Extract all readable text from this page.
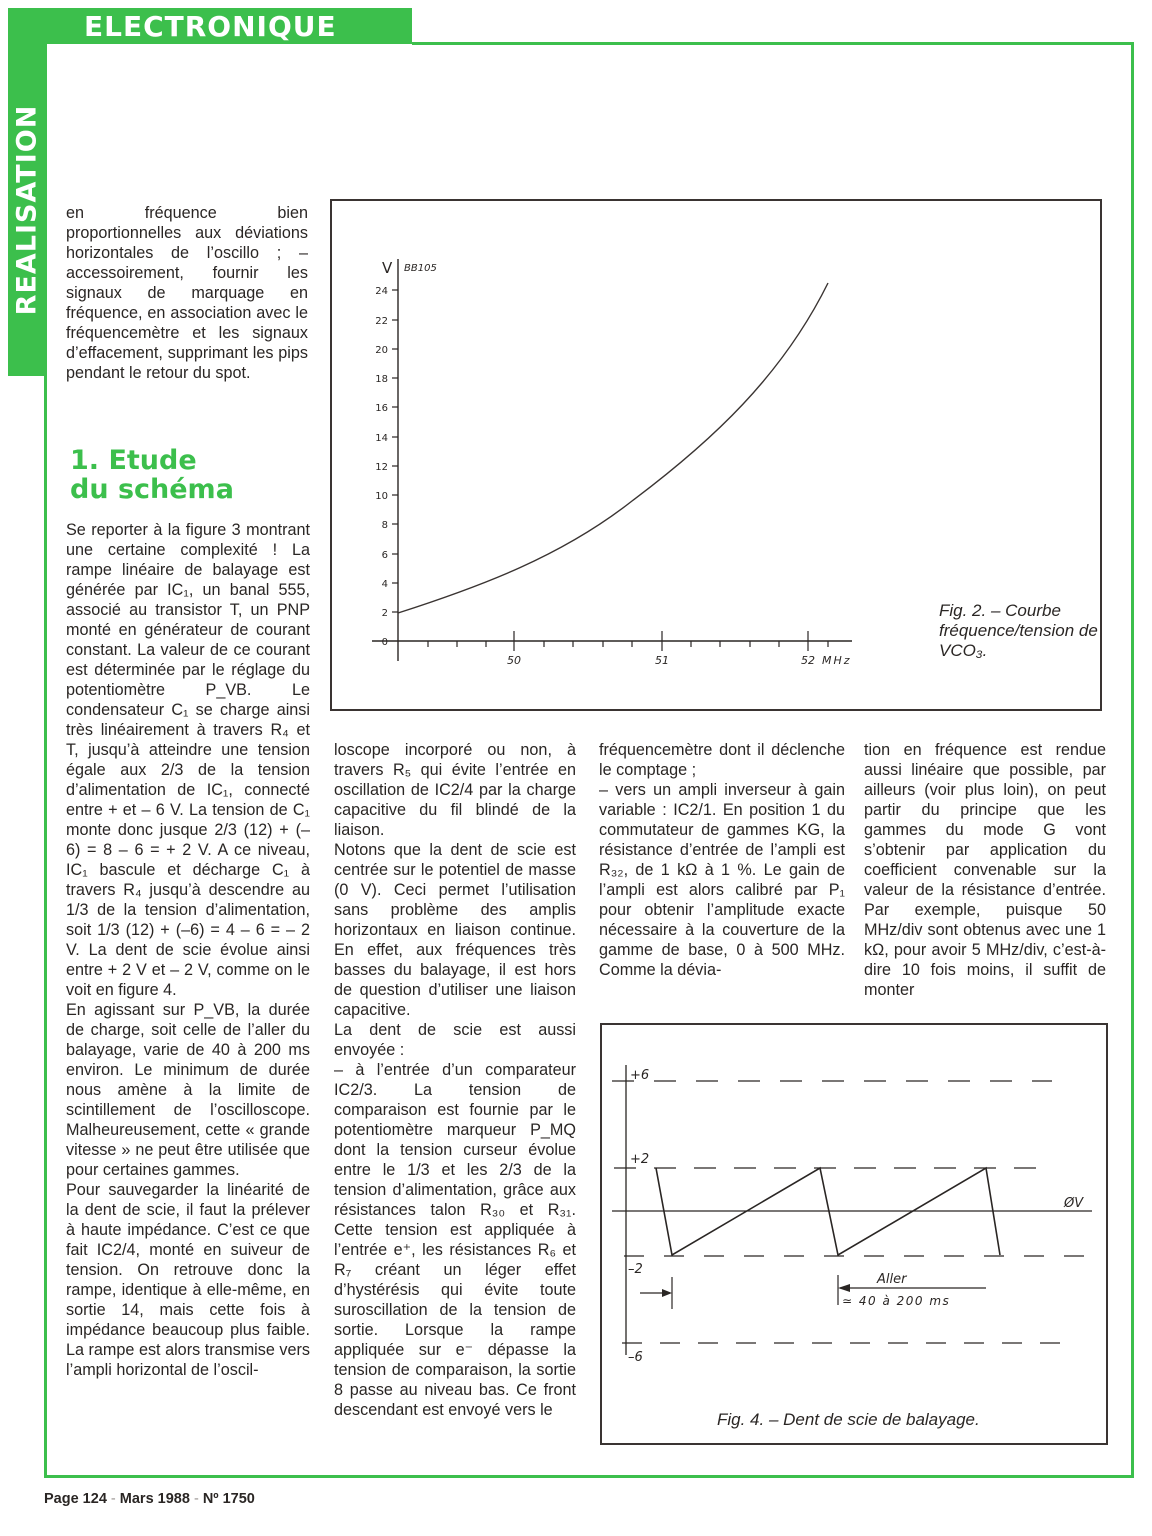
ELECTRONIQUE
REALISATION en fréquence bien proportionnelles aux déviations horizontales de l’oscillo ; – accessoirement, fournir les signaux de marquage en fréquence, en association avec le fréquencemètre et les signaux d’effacement, supprimant les pips pendant le retour du spot.

1. Etude
du schéma

Se reporter à la figure 3 montrant une certaine complexité ! La rampe linéaire de balayage est générée par IC₁, un banal 555, associé au transistor T, un PNP monté en générateur de courant constant. La valeur de ce courant est déterminée par le réglage du potentiomètre P_VB. Le condensateur C₁ se charge ainsi très linéairement à travers R₄ et T, jusqu’à atteindre une tension égale aux 2/3 de la tension d’alimentation de IC₁, connecté entre + et – 6 V. La tension de C₁ monte donc jusque 2/3 (12) + (–6) = 8 – 6 = + 2 V. A ce niveau, IC₁ bascule et décharge C₁ à travers R₄ jusqu’à descendre au 1/3 de la tension d’alimentation, soit 1/3 (12) + (–6) = 4 – 6 = – 2 V. La dent de scie évolue ainsi entre + 2 V et – 2 V, comme on le voit en figure 4.

En agissant sur P_VB, la durée de charge, soit celle de l’aller du balayage, varie de 40 à 200 ms environ. Le minimum de durée nous amène à la limite de scintillement de l’oscilloscope. Malheureusement, cette « grande vitesse » ne peut être utilisée que pour certaines gammes.

Pour sauvegarder la linéarité de la dent de scie, il faut la prélever à haute impédance. C’est ce que fait IC2/4, monté en suiveur de tension. On retrouve donc la rampe, identique à elle-même, en sortie 14, mais cette fois à impédance beaucoup plus faible. La rampe est alors transmise vers l’ampli horizontal de l’oscil-

0
2
4
6
8
10
12
14
16
18
20
22
24
V BB105
50	51	52 MHz
Fig. 2. – Courbe fréquence/tension de VCO₃.

loscope incorporé ou non, à travers R₅ qui évite l’entrée en oscillation de IC2/4 par la charge capacitive du fil blindé de la liaison.

Notons que la dent de scie est centrée sur le potentiel de masse (0 V). Ceci permet l’utilisation sans problème des amplis horizontaux en liaison continue. En effet, aux fréquences très basses du balayage, il est hors de question d’utiliser une liaison capacitive.

La dent de scie est aussi envoyée :

– à l’entrée d’un comparateur IC2/3. La tension de comparaison est fournie par le potentiomètre marqueur P_MQ dont la tension curseur évolue entre le 1/3 et les 2/3 de la tension d’alimentation, grâce aux résistances talon R₃₀ et R₃₁. Cette tension est appliquée à l’entrée e⁺, les résistances R₆ et R₇ créant un léger effet d’hystérésis qui évite toute suroscillation de la tension de sortie. Lorsque la rampe appliquée sur e⁻ dépasse la tension de comparaison, la sortie 8 passe au niveau bas. Ce front descendant est envoyé vers le

fréquencemètre dont il déclenche le comptage ;

– vers un ampli inverseur à gain variable : IC2/1. En position 1 du commutateur de gammes KG, la résistance d’entrée de l’ampli est R₃₂, de 1 kΩ à 1 %. Le gain de l’ampli est alors calibré par P₁ pour obtenir l’amplitude exacte nécessaire à la couverture de la gamme de base, 0 à 500 MHz. Comme la dévia-

tion en fréquence est rendue aussi linéaire que possible, par ailleurs (voir plus loin), on peut partir du principe que les gammes du mode G vont s’obtenir par application du coefficient convenable sur la valeur de la résistance d’entrée. Par exemple, puisque 50 MHz/div sont obtenus avec une 1 kΩ, pour avoir 5 MHz/div, c’est-à-dire 10 fois moins, il suffit de monter

+6
+2
ØV
–2
–6
Aller
≃ 40 à 200 ms
Fig. 4. – Dent de scie de balayage.
Page 124 - Mars 1988 - Nº 1750
